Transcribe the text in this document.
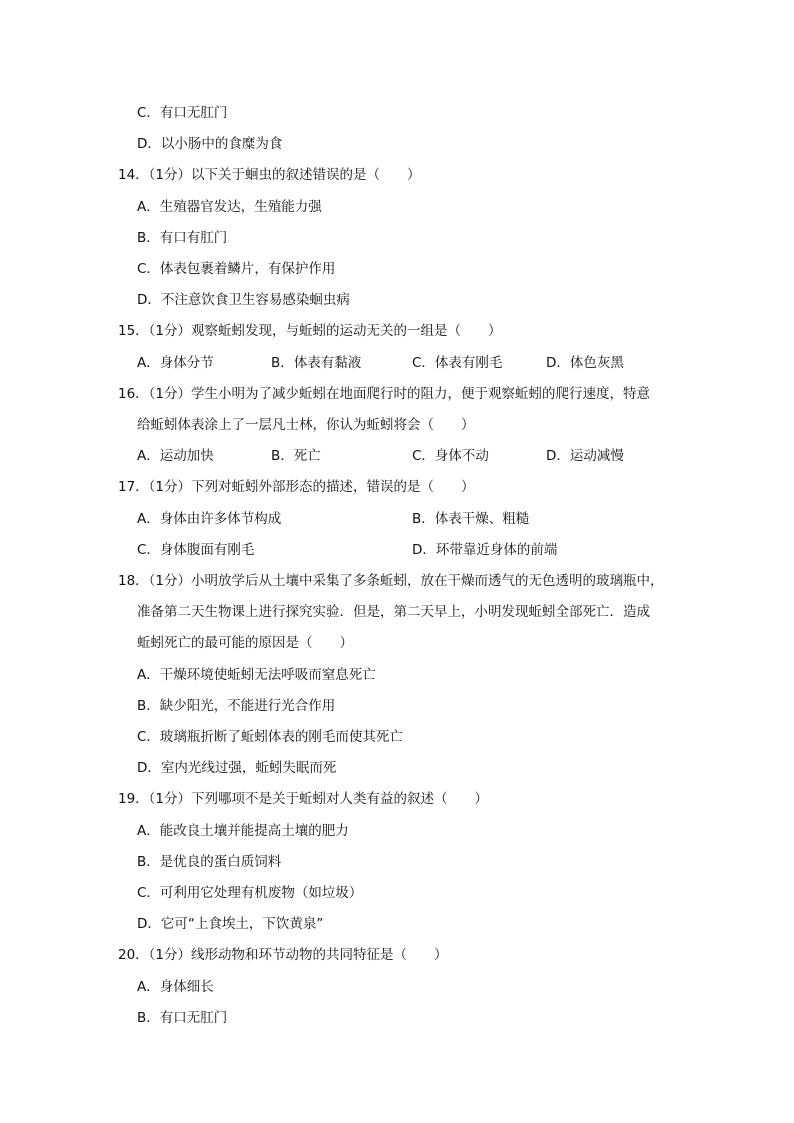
C．有口无肛门
D．以小肠中的食糜为食
14．（1分）以下关于蛔虫的叙述错误的是（　　）
A．生殖器官发达，生殖能力强
B．有口有肛门
C．体表包裹着鳞片，有保护作用
D．不注意饮食卫生容易感染蛔虫病
15．（1分）观察蚯蚓发现，与蚯蚓的运动无关的一组是（　　）
A．身体分节	B．体表有黏液	C．体表有刚毛	D．体色灰黑
16．（1分）学生小明为了减少蚯蚓在地面爬行时的阻力，便于观察蚯蚓的爬行速度，特意
给蚯蚓体表涂上了一层凡士林，你认为蚯蚓将会（　　）
A．运动加快	B．死亡	C．身体不动	D．运动减慢
17．（1分）下列对蚯蚓外部形态的描述，错误的是（　　）
A．身体由许多体节构成	B．体表干燥、粗糙
C．身体腹面有刚毛	D．环带靠近身体的前端
18．（1分）小明放学后从土壤中采集了多条蚯蚓，放在干燥而透气的无色透明的玻璃瓶中，
准备第二天生物课上进行探究实验．但是，第二天早上，小明发现蚯蚓全部死亡．造成
蚯蚓死亡的最可能的原因是（　　）
A．干燥环境使蚯蚓无法呼吸而窒息死亡
B．缺少阳光，不能进行光合作用
C．玻璃瓶折断了蚯蚓体表的刚毛而使其死亡
D．室内光线过强，蚯蚓失眠而死
19．（1分）下列哪项不是关于蚯蚓对人类有益的叙述（　　）
A．能改良土壤并能提高土壤的肥力
B．是优良的蛋白质饲料
C．可利用它处理有机废物（如垃圾）
D．它可“上食埃土，下饮黄泉”
20．（1分）线形动物和环节动物的共同特征是（　　）
A．身体细长
B．有口无肛门
